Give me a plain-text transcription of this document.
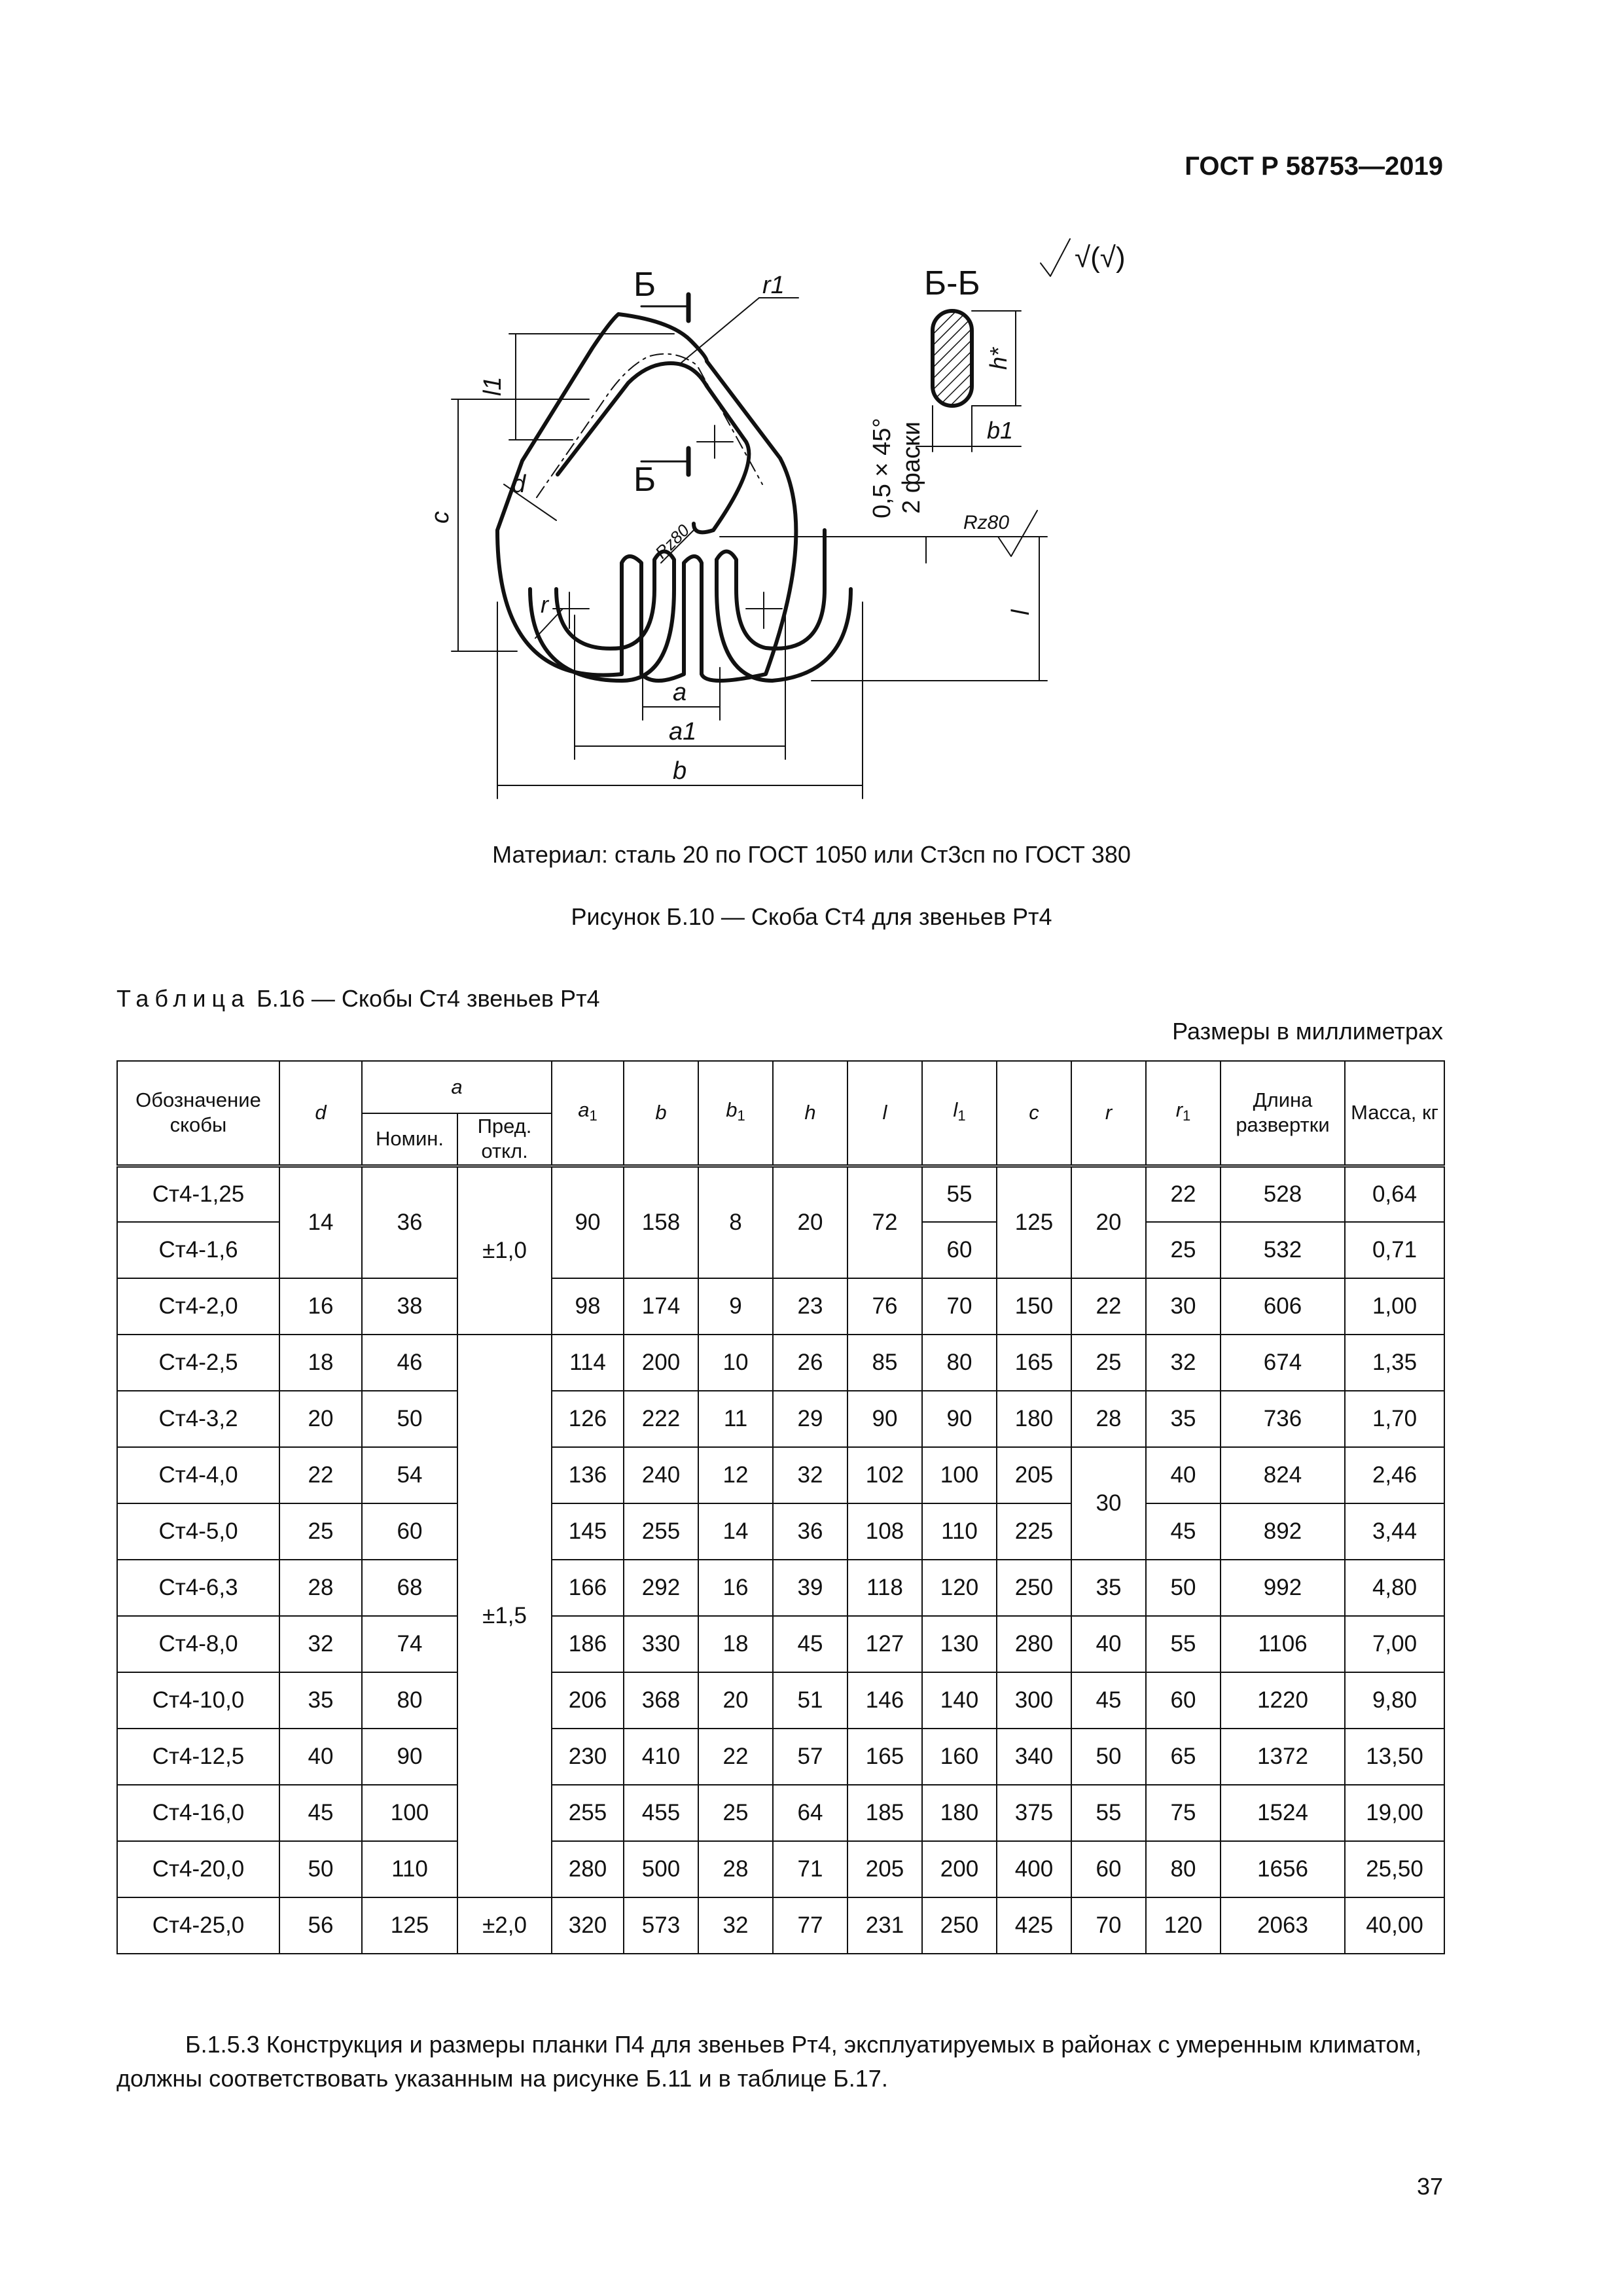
ГОСТ Р 58753—2019
Б
Б
Б-Б
√(√)
r1
l1
c
d
r	l
a
a1
b
b1
h*
Rz80	Rz80
0,5 × 45° 2 фаски
Материал: сталь 20 по ГОСТ 1050 или Ст3сп по ГОСТ 380
Рисунок Б.10 — Скоба Ст4 для звеньев Рт4
Таблица Б.16 — Скобы Ст4 звеньев Рт4
Размеры в миллиметрах
Обозначение скобы	d	a		$a_1$	b	$b_1$	h	l	$l_1$	c	r	$r_1$	Длина развертки	Масса, кг
		Номин.	Пред. откл.											
Ст4-1,25	14	36	±1,0	90	158	8	20	72	55	125	20	22	528	0,64
Ст4-1,6									60			25	532	0,71
Ст4-2,0	16	38		98	174	9	23	76	70	150	22	30	606	1,00
Ст4-2,5	18	46	±1,5	114	200	10	26	85	80	165	25	32	674	1,35
Ст4-3,2	20	50		126	222	11	29	90	90	180	28	35	736	1,70
Ст4-4,0	22	54		136	240	12	32	102	100	205	30	40	824	2,46
Ст4-5,0	25	60		145	255	14	36	108	110	225		45	892	3,44
Ст4-6,3	28	68		166	292	16	39	118	120	250	35	50	992	4,80
Ст4-8,0	32	74		186	330	18	45	127	130	280	40	55	1106	7,00
Ст4-10,0	35	80		206	368	20	51	146	140	300	45	60	1220	9,80
Ст4-12,5	40	90		230	410	22	57	165	160	340	50	65	1372	13,50
Ст4-16,0	45	100		255	455	25	64	185	180	375	55	75	1524	19,00
Ст4-20,0	50	110		280	500	28	71	205	200	400	60	80	1656	25,50
Ст4-25,0	56	125	±2,0	320	573	32	77	231	250	425	70	120	2063	40,00
Б.1.5.3 Конструкция и размеры планки П4 для звеньев Рт4, эксплуатируемых в районах с умеренным климатом, должны соответствовать указанным на рисунке Б.11 и в таблице Б.17.
37
